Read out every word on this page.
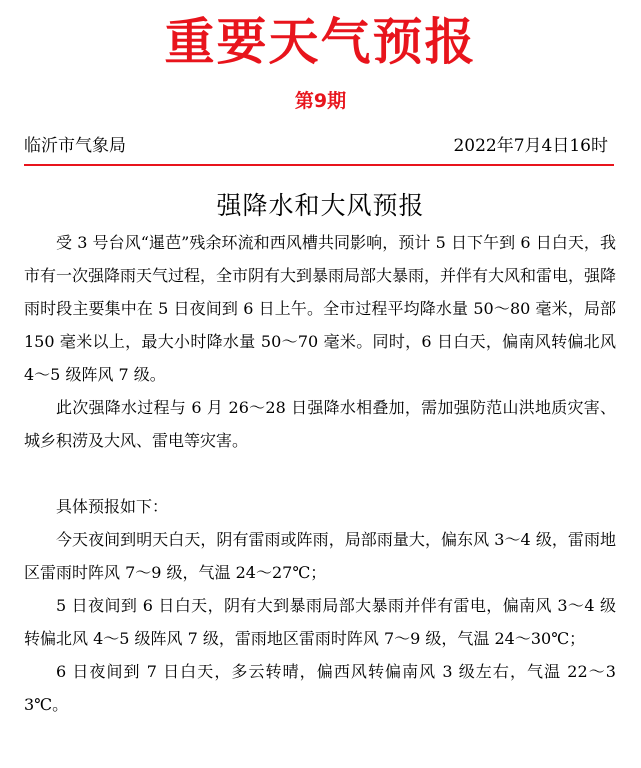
重要天气预报
第9期
临沂市气象局	2022年7月4日16时
强降水和大风预报

受 3 号台风“暹芭”残余环流和西风槽共同影响，预计 5 日下午到 6 日白天，我市有一次强降雨天气过程，全市阴有大到暴雨局部大暴雨，并伴有大风和雷电，强降雨时段主要集中在 5 日夜间到 6 日上午。全市过程平均降水量 50～80 毫米，局部 150 毫米以上，最大小时降水量 50～70 毫米。同时，6 日白天，偏南风转偏北风 4～5 级阵风 7 级。

此次强降水过程与 6 月 26～28 日强降水相叠加，需加强防范山洪地质灾害、城乡积涝及大风、雷电等灾害。

具体预报如下：

今天夜间到明天白天，阴有雷雨或阵雨，局部雨量大，偏东风 3～4 级，雷雨地区雷雨时阵风 7～9 级，气温 24～27℃；

5 日夜间到 6 日白天，阴有大到暴雨局部大暴雨并伴有雷电，偏南风 3～4 级转偏北风 4～5 级阵风 7 级，雷雨地区雷雨时阵风 7～9 级，气温 24～30℃；

6 日夜间到 7 日白天，多云转晴，偏西风转偏南风 3 级左右，气温 22～33℃。
